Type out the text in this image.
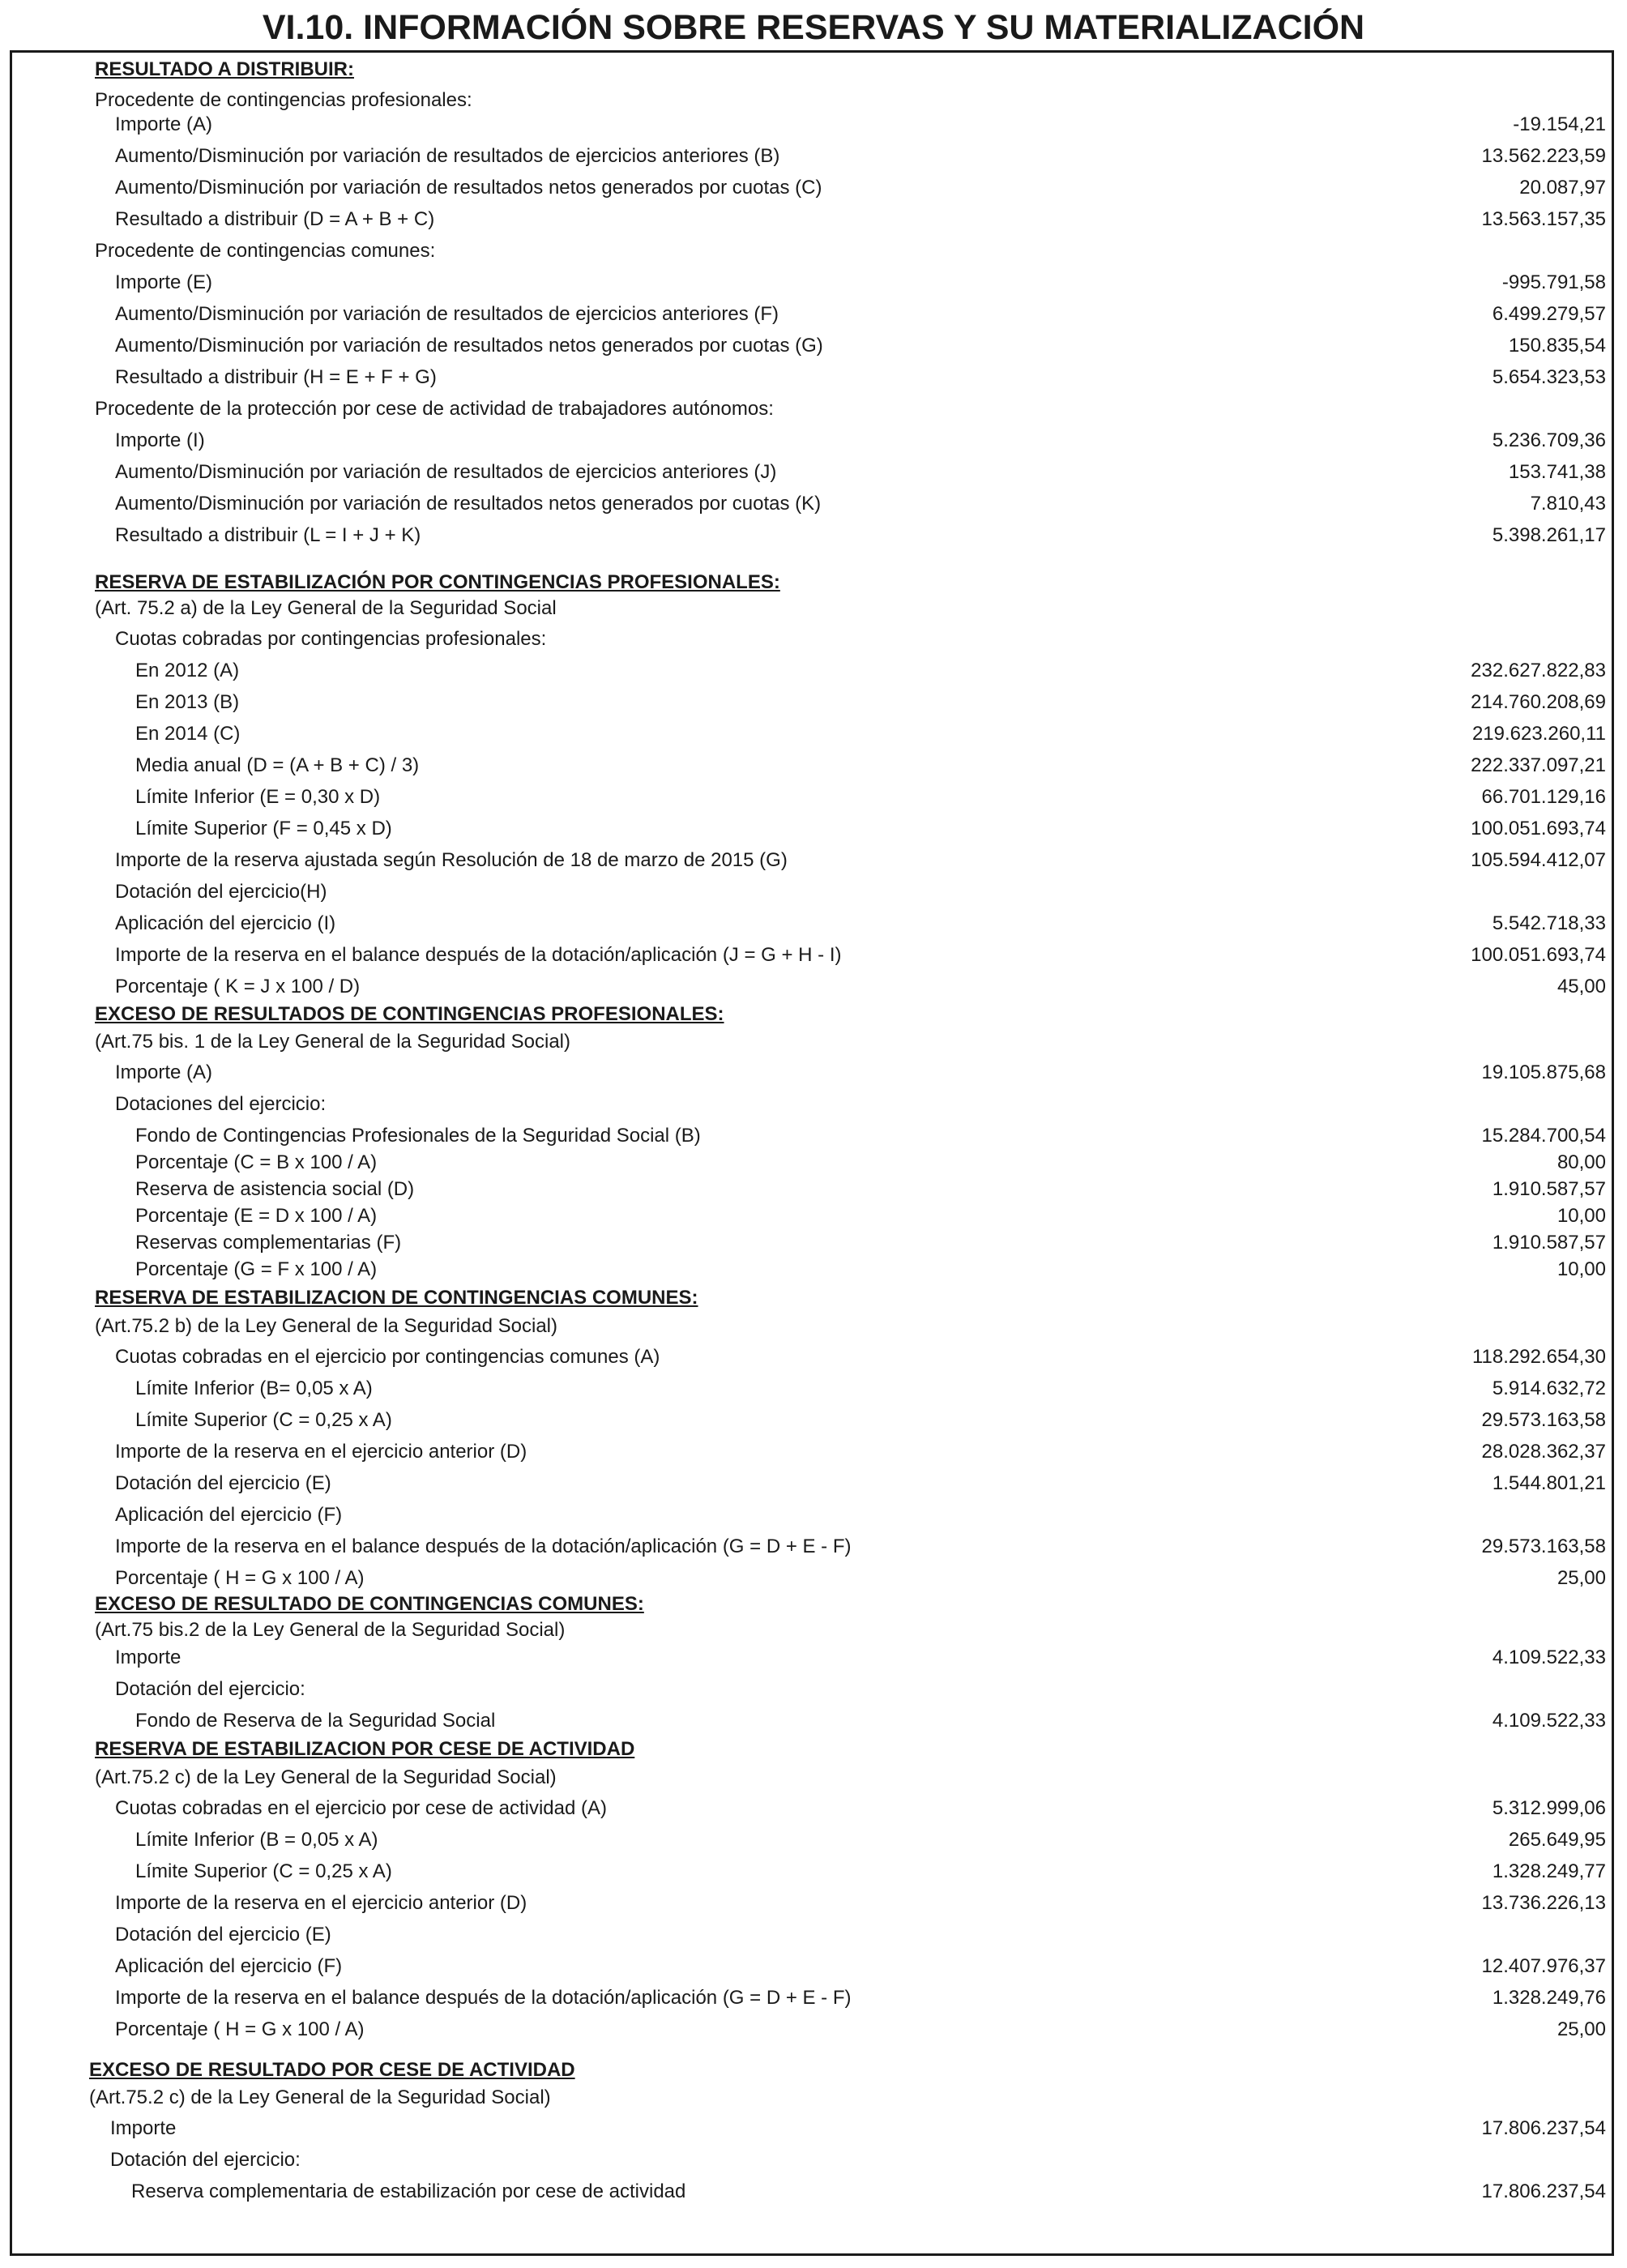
VI.10. INFORMACIÓN SOBRE RESERVAS Y SU MATERIALIZACIÓN
RESULTADO A DISTRIBUIR:
Procedente de contingencias profesionales:
Importe (A)	-19.154,21
Aumento/Disminución por variación de resultados de ejercicios anteriores (B)	13.562.223,59
Aumento/Disminución por variación de resultados netos generados por cuotas (C)	20.087,97
Resultado a distribuir (D = A + B + C)	13.563.157,35
Procedente de contingencias comunes:
Importe (E)	-995.791,58
Aumento/Disminución por variación de resultados de ejercicios anteriores (F)	6.499.279,57
Aumento/Disminución por variación de resultados netos generados por cuotas (G)	150.835,54
Resultado a distribuir (H = E + F + G)	5.654.323,53
Procedente de la protección por cese de actividad de trabajadores autónomos:
Importe (I)	5.236.709,36
Aumento/Disminución por variación de resultados de ejercicios anteriores (J)	153.741,38
Aumento/Disminución por variación de resultados netos generados por cuotas (K)	7.810,43
Resultado a distribuir (L = I + J + K)	5.398.261,17
RESERVA DE ESTABILIZACIÓN POR CONTINGENCIAS PROFESIONALES:
(Art. 75.2 a) de la Ley General de la Seguridad Social
Cuotas cobradas por contingencias profesionales:
En 2012 (A)	232.627.822,83
En 2013 (B)	214.760.208,69
En 2014 (C)	219.623.260,11
Media anual (D = (A + B + C) / 3)	222.337.097,21
Límite Inferior (E = 0,30 x D)	66.701.129,16
Límite Superior (F = 0,45 x D)	100.051.693,74
Importe de la reserva ajustada según Resolución de 18 de marzo de 2015 (G)	105.594.412,07
Dotación del ejercicio(H)
Aplicación del ejercicio (I)	5.542.718,33
Importe de la reserva en el balance después de la dotación/aplicación (J = G + H - I)	100.051.693,74
Porcentaje ( K = J x 100 / D)	45,00
EXCESO DE RESULTADOS DE CONTINGENCIAS PROFESIONALES:
(Art.75 bis. 1 de la Ley General de la Seguridad Social)
Importe (A)	19.105.875,68
Dotaciones del ejercicio:
Fondo de Contingencias Profesionales de la Seguridad Social (B)	15.284.700,54
Porcentaje (C = B x 100 / A)	80,00
Reserva de asistencia social (D)	1.910.587,57
Porcentaje (E = D x 100 / A)	10,00
Reservas complementarias (F)	1.910.587,57
Porcentaje (G = F x 100 / A)	10,00
RESERVA DE ESTABILIZACION DE CONTINGENCIAS COMUNES:
(Art.75.2 b) de la Ley General de la Seguridad Social)
Cuotas cobradas en el ejercicio por contingencias comunes (A)	118.292.654,30
Límite Inferior (B= 0,05 x A)	5.914.632,72
Límite Superior (C = 0,25 x A)	29.573.163,58
Importe de la reserva en el ejercicio anterior (D)	28.028.362,37
Dotación del ejercicio (E)	1.544.801,21
Aplicación del ejercicio (F)
Importe de la reserva en el balance después de la dotación/aplicación (G = D + E - F)	29.573.163,58
Porcentaje ( H = G x 100 / A)	25,00
EXCESO DE RESULTADO DE CONTINGENCIAS COMUNES:
(Art.75 bis.2 de la Ley General de la Seguridad Social)
Importe	4.109.522,33
Dotación del ejercicio:
Fondo de Reserva de la Seguridad Social	4.109.522,33
RESERVA DE ESTABILIZACION POR CESE DE ACTIVIDAD
(Art.75.2 c) de la Ley General de la Seguridad Social)
Cuotas cobradas en el ejercicio por cese de actividad (A)	5.312.999,06
Límite Inferior (B = 0,05 x A)	265.649,95
Límite Superior (C = 0,25 x A)	1.328.249,77
Importe de la reserva en el ejercicio anterior (D)	13.736.226,13
Dotación del ejercicio (E)
Aplicación del ejercicio (F)	12.407.976,37
Importe de la reserva en el balance después de la dotación/aplicación (G = D + E - F)	1.328.249,76
Porcentaje ( H = G x 100 / A)	25,00
EXCESO DE RESULTADO POR CESE DE ACTIVIDAD
(Art.75.2 c) de la Ley General de la Seguridad Social)
Importe	17.806.237,54
Dotación del ejercicio:
Reserva complementaria de estabilización por cese de actividad	17.806.237,54
